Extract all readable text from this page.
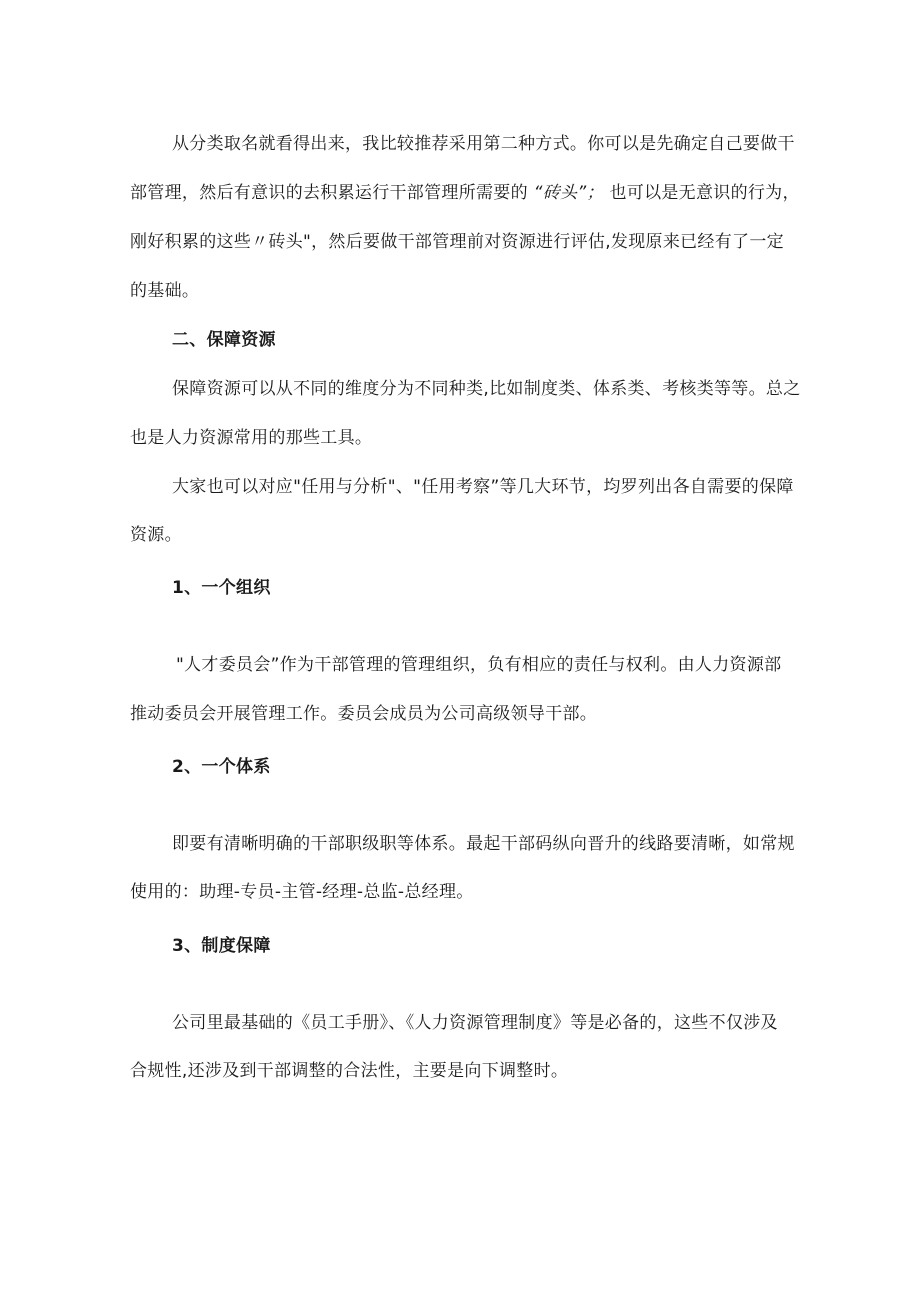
从分类取名就看得出来，我比较推荐采用第二种方式。你可以是先确定自己要做干
部管理，然后有意识的去积累运行干部管理所需要的 “砖头”； 也可以是无意识的行为，
刚好积累的这些〃砖头"，然后要做干部管理前对资源进行评估,发现原来已经有了一定
的基础。
二、保障资源
保障资源可以从不同的维度分为不同种类,比如制度类、体系类、考核类等等。总之
也是人力资源常用的那些工具。
大家也可以对应"任用与分析"、"任用考察”等几大环节，均罗列出各自需要的保障
资源。
1、一个组织
"人才委员会”作为干部管理的管理组织，负有相应的责任与权利。由人力资源部
推动委员会开展管理工作。委员会成员为公司高级领导干部。
2、一个体系
即要有清晰明确的干部职级职等体系。最起干部码纵向晋升的线路要清晰，如常规
使用的：助理-专员-主管-经理-总监-总经理。
3、制度保障
公司里最基础的《员工手册》、《人力资源管理制度》等是必备的，这些不仅涉及
合规性,还涉及到干部调整的合法性，主要是向下调整时。
